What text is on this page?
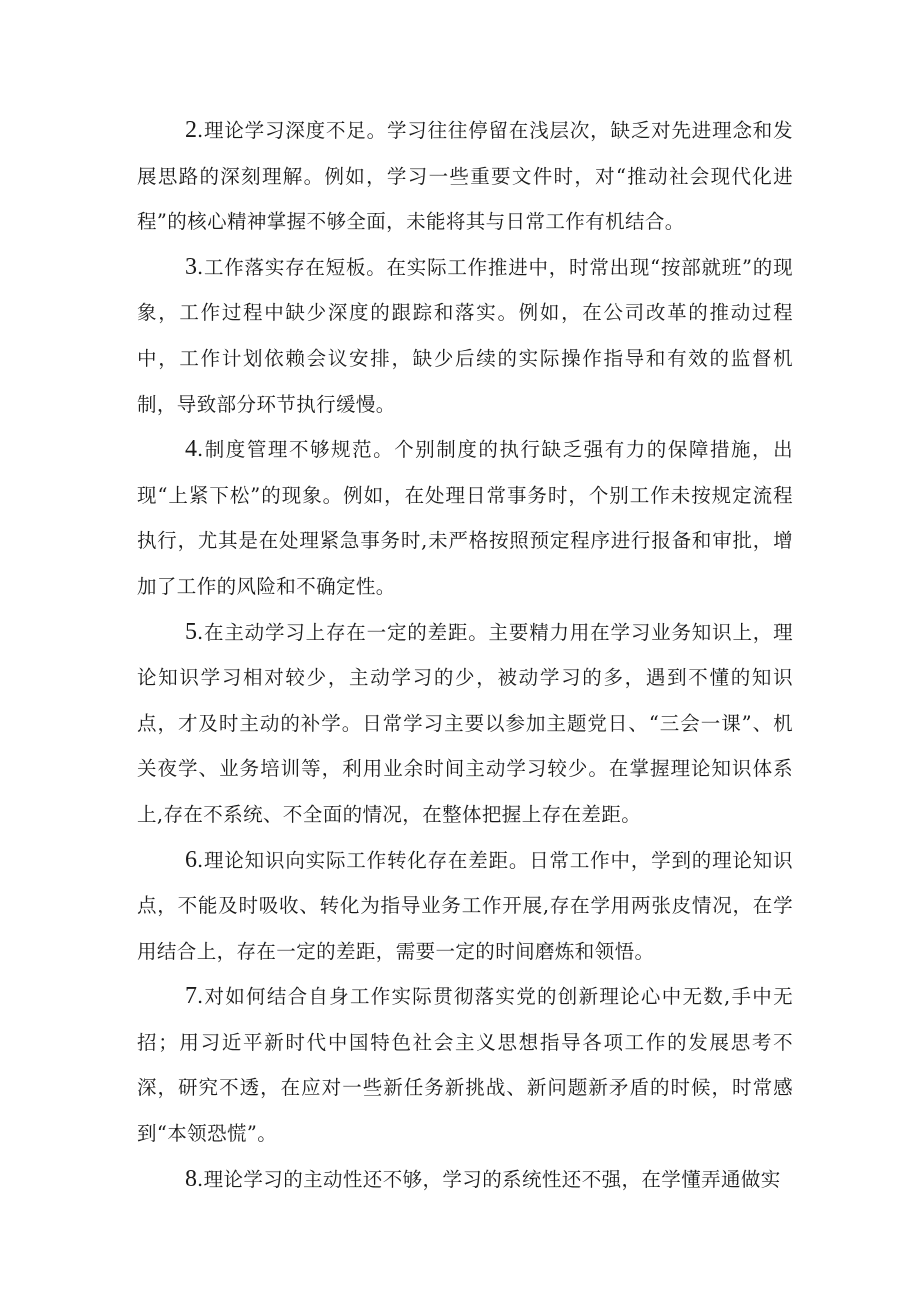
2.理论学习深度不足。学习往往停留在浅层次，缺乏对先进理念和发展思路的深刻理解。例如，学习一些重要文件时，对“推动社会现代化进程”的核心精神掌握不够全面，未能将其与日常工作有机结合。

3.工作落实存在短板。在实际工作推进中，时常出现“按部就班”的现象，工作过程中缺少深度的跟踪和落实。例如，在公司改革的推动过程中，工作计划依赖会议安排，缺少后续的实际操作指导和有效的监督机制，导致部分环节执行缓慢。

4.制度管理不够规范。个别制度的执行缺乏强有力的保障措施，出现“上紧下松”的现象。例如，在处理日常事务时，个别工作未按规定流程执行，尤其是在处理紧急事务时,未严格按照预定程序进行报备和审批，增加了工作的风险和不确定性。

5.在主动学习上存在一定的差距。主要精力用在学习业务知识上，理论知识学习相对较少，主动学习的少，被动学习的多，遇到不懂的知识点，才及时主动的补学。日常学习主要以参加主题党日、“三会一课”、机关夜学、业务培训等，利用业余时间主动学习较少。在掌握理论知识体系上,存在不系统、不全面的情况，在整体把握上存在差距。

6.理论知识向实际工作转化存在差距。日常工作中，学到的理论知识点，不能及时吸收、转化为指导业务工作开展,存在学用两张皮情况，在学用结合上，存在一定的差距，需要一定的时间磨炼和领悟。

7.对如何结合自身工作实际贯彻落实党的创新理论心中无数,手中无招；用习近平新时代中国特色社会主义思想指导各项工作的发展思考不深，研究不透，在应对一些新任务新挑战、新问题新矛盾的时候，时常感到“本领恐慌”。

8.理论学习的主动性还不够，学习的系统性还不强，在学懂弄通做实
